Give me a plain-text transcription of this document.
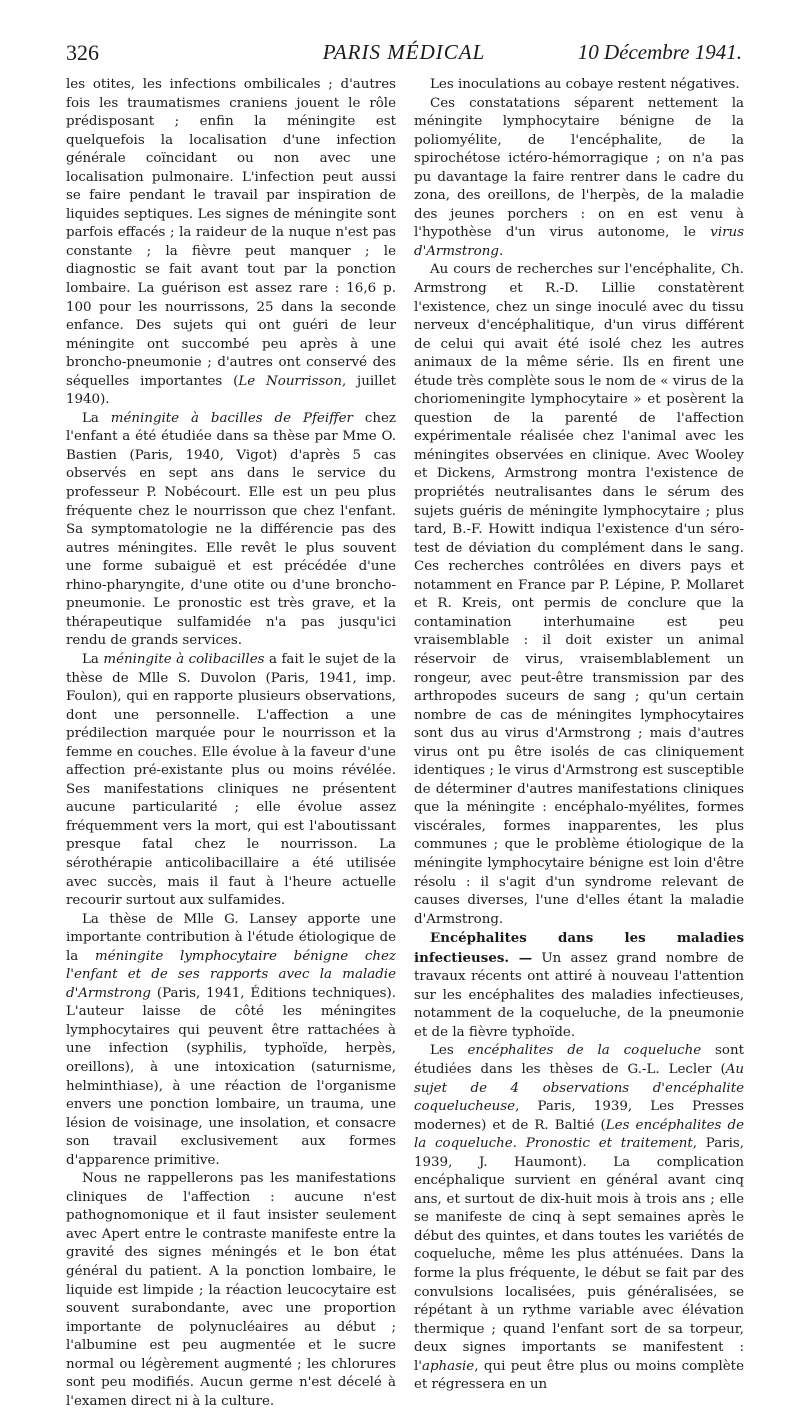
326	PARIS MÉDICAL	10 Décembre 1941.

les otites, les infections ombilicales ; d'autres fois les traumatismes craniens jouent le rôle prédisposant ; enfin la méningite est quelquefois la localisation d'une infection générale coïncidant ou non avec une localisation pulmonaire. L'infection peut aussi se faire pendant le travail par inspiration de liquides septiques. Les signes de méningite sont parfois effacés ; la raideur de la nuque n'est pas constante ; la fièvre peut manquer ; le diagnostic se fait avant tout par la ponction lombaire. La guérison est assez rare : 16,6 p. 100 pour les nourrissons, 25 dans la seconde enfance. Des sujets qui ont guéri de leur méningite ont succombé peu après à une broncho-pneumonie ; d'autres ont conservé des séquelles importantes (Le Nourrisson, juillet 1940).

La méningite à bacilles de Pfeiffer chez l'enfant a été étudiée dans sa thèse par Mme O. Bastien (Paris, 1940, Vigot) d'après 5 cas observés en sept ans dans le service du professeur P. Nobécourt. Elle est un peu plus fréquente chez le nourrisson que chez l'enfant. Sa symptomatologie ne la différencie pas des autres méningites. Elle revêt le plus souvent une forme subaiguë et est précédée d'une rhino-pharyngite, d'une otite ou d'une broncho-pneumonie. Le pronostic est très grave, et la thérapeutique sulfamidée n'a pas jusqu'ici rendu de grands services.

La méningite à colibacilles a fait le sujet de la thèse de Mlle S. Duvolon (Paris, 1941, imp. Foulon), qui en rapporte plusieurs observations, dont une personnelle. L'affection a une prédilection marquée pour le nourrisson et la femme en couches. Elle évolue à la faveur d'une affection pré-existante plus ou moins révélée. Ses manifestations cliniques ne présentent aucune particularité ; elle évolue assez fréquemment vers la mort, qui est l'aboutissant presque fatal chez le nourrisson. La sérothérapie anticolibacillaire a été utilisée avec succès, mais il faut à l'heure actuelle recourir surtout aux sulfamides.

La thèse de Mlle G. Lansey apporte une importante contribution à l'étude étiologique de la méningite lymphocytaire bénigne chez l'enfant et de ses rapports avec la maladie d'Armstrong (Paris, 1941, Éditions techniques). L'auteur laisse de côté les méningites lymphocytaires qui peuvent être rattachées à une infection (syphilis, typhoïde, herpès, oreillons), à une intoxication (saturnisme, helminthiase), à une réaction de l'organisme envers une ponction lombaire, un trauma, une lésion de voisinage, une insolation, et consacre son travail exclusivement aux formes d'apparence primitive.

Nous ne rappellerons pas les manifestations cliniques de l'affection : aucune n'est pathognomonique et il faut insister seulement avec Apert entre le contraste manifeste entre la gravité des signes méningés et le bon état général du patient. A la ponction lombaire, le liquide est limpide ; la réaction leucocytaire est souvent surabondante, avec une proportion importante de polynucléaires au début ; l'albumine est peu augmentée et le sucre normal ou légèrement augmenté ; les chlorures sont peu modifiés. Aucun germe n'est décelé à l'examen direct ni à la culture.

Les inoculations au cobaye restent négatives.

Ces constatations séparent nettement la méningite lymphocytaire bénigne de la poliomyélite, de l'encéphalite, de la spirochétose ictéro-hémorragique ; on n'a pas pu davantage la faire rentrer dans le cadre du zona, des oreillons, de l'herpès, de la maladie des jeunes porchers : on en est venu à l'hypothèse d'un virus autonome, le virus d'Armstrong.

Au cours de recherches sur l'encéphalite, Ch. Armstrong et R.-D. Lillie constatèrent l'existence, chez un singe inoculé avec du tissu nerveux d'encéphalitique, d'un virus différent de celui qui avait été isolé chez les autres animaux de la même série. Ils en firent une étude très complète sous le nom de « virus de la choriomeningite lymphocytaire » et posèrent la question de la parenté de l'affection expérimentale réalisée chez l'animal avec les méningites observées en clinique. Avec Wooley et Dickens, Armstrong montra l'existence de propriétés neutralisantes dans le sérum des sujets guéris de méningite lymphocytaire ; plus tard, B.-F. Howitt indiqua l'existence d'un séro-test de déviation du complément dans le sang. Ces recherches contrôlées en divers pays et notamment en France par P. Lépine, P. Mollaret et R. Kreis, ont permis de conclure que la contamination interhumaine est peu vraisemblable : il doit exister un animal réservoir de virus, vraisemblablement un rongeur, avec peut-être transmission par des arthropodes suceurs de sang ; qu'un certain nombre de cas de méningites lymphocytaires sont dus au virus d'Armstrong ; mais d'autres virus ont pu être isolés de cas cliniquement identiques ; le virus d'Armstrong est susceptible de déterminer d'autres manifestations cliniques que la méningite : encéphalo-myélites, formes viscérales, formes inapparentes, les plus communes ; que le problème étiologique de la méningite lymphocytaire bénigne est loin d'être résolu : il s'agit d'un syndrome relevant de causes diverses, l'une d'elles étant la maladie d'Armstrong.

Encéphalites dans les maladies infectieuses. — Un assez grand nombre de travaux récents ont attiré à nouveau l'attention sur les encéphalites des maladies infectieuses, notamment de la coqueluche, de la pneumonie et de la fièvre typhoïde.

Les encéphalites de la coqueluche sont étudiées dans les thèses de G.-L. Lecler (Au sujet de 4 observations d'encéphalite coquelucheuse, Paris, 1939, Les Presses modernes) et de R. Baltié (Les encéphalites de la coqueluche. Pronostic et traitement, Paris, 1939, J. Haumont). La complication encéphalique survient en général avant cinq ans, et surtout de dix-huit mois à trois ans ; elle se manifeste de cinq à sept semaines après le début des quintes, et dans toutes les variétés de coqueluche, même les plus atténuées. Dans la forme la plus fréquente, le début se fait par des convulsions localisées, puis généralisées, se répétant à un rythme variable avec élévation thermique ; quand l'enfant sort de sa torpeur, deux signes importants se manifestent : l'aphasie, qui peut être plus ou moins complète et régressera en un
